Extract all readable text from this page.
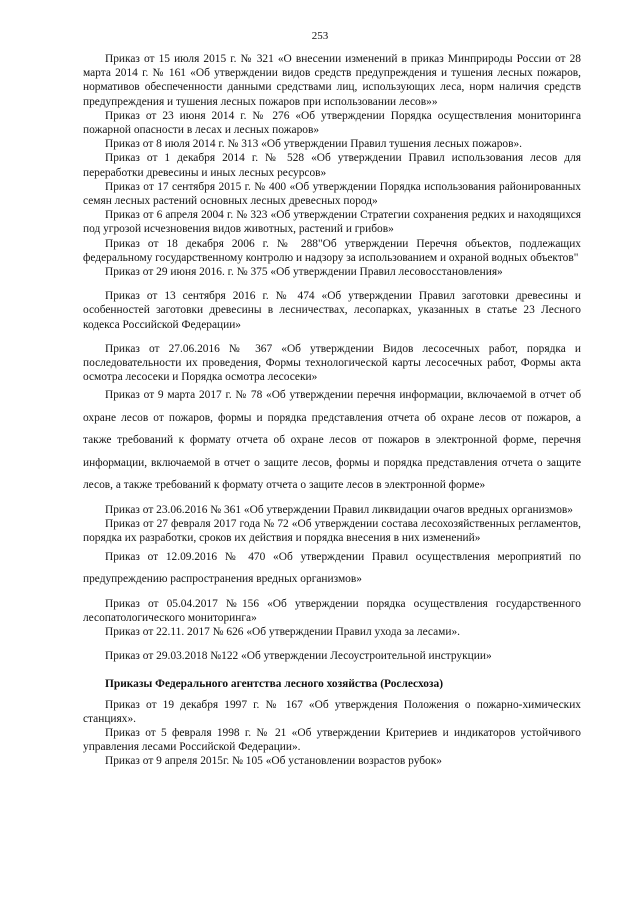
253

Приказ от 15 июля 2015 г. № 321 «О внесении изменений в приказ Минприроды России от 28 марта 2014 г. № 161 «Об утверждении видов средств предупреждения и тушения лесных пожаров, нормативов обеспеченности данными средствами лиц, использующих леса, норм наличия средств предупреждения и тушения лесных пожаров при использовании лесов»»

Приказ от 23 июня 2014 г. № 276 «Об утверждении Порядка осуществления мониторинга пожарной опасности в лесах и лесных пожаров»

Приказ от 8 июля 2014 г. № 313 «Об утверждении Правил тушения лесных пожаров».

Приказ от 1 декабря 2014 г. № 528 «Об утверждении Правил использования лесов для переработки древесины и иных лесных ресурсов»

Приказ от 17 сентября 2015 г. № 400 «Об утверждении Порядка использования районированных семян лесных растений основных лесных древесных пород»

Приказ от 6 апреля 2004 г. № 323 «Об утверждении Стратегии сохранения редких и находящихся под угрозой исчезновения видов животных, растений и грибов»

Приказ от 18 декабря 2006 г. № 288"Об утверждении Перечня объектов, подлежащих федеральному государственному контролю и надзору за использованием и охраной водных объектов"

Приказ от 29 июня 2016. г. № 375 «Об утверждении Правил лесовосстановления»

Приказ от 13 сентября 2016 г. № 474 «Об утверждении Правил заготовки древесины и особенностей заготовки древесины в лесничествах, лесопарках, указанных в статье 23 Лесного кодекса Российской Федерации»

Приказ от 27.06.2016 № 367 «Об утверждении Видов лесосечных работ, порядка и последовательности их проведения, Формы технологической карты лесосечных работ, Формы акта осмотра лесосеки и Порядка осмотра лесосеки»

Приказ от 9 марта 2017 г. № 78 «Об утверждении перечня информации, включаемой в отчет об охране лесов от пожаров, формы и порядка представления отчета об охране лесов от пожаров, а также требований к формату отчета об охране лесов от пожаров в электронной форме, перечня информации, включаемой в отчет о защите лесов, формы и порядка представления отчета о защите лесов, а также требований к формату отчета о защите лесов в электронной форме»

Приказ от 23.06.2016 № 361 «Об утверждении Правил ликвидации очагов вредных организмов»

Приказ от 27 февраля 2017 года № 72 «Об утверждении состава лесохозяйственных регламентов, порядка их разработки, сроков их действия и порядка внесения в них изменений»

Приказ от 12.09.2016 № 470 «Об утверждении Правил осуществления мероприятий по предупреждению распространения вредных организмов»

Приказ от 05.04.2017 №156 «Об утверждении порядка осуществления государственного лесопатологического мониторинга»

Приказ от 22.11. 2017 № 626 «Об утверждении Правил ухода за лесами».

Приказ от 29.03.2018 №122 «Об утверждении Лесоустроительной инструкции»

Приказы Федерального агентства лесного хозяйства (Рослесхоза)

Приказ от 19 декабря 1997 г. № 167 «Об утверждения Положения о пожарно-химических станциях».

Приказ от 5 февраля 1998 г. № 21 «Об утверждении Критериев и индикаторов устойчивого управления лесами Российской Федерации».

Приказ от 9 апреля 2015г. № 105 «Об установлении возрастов рубок»
